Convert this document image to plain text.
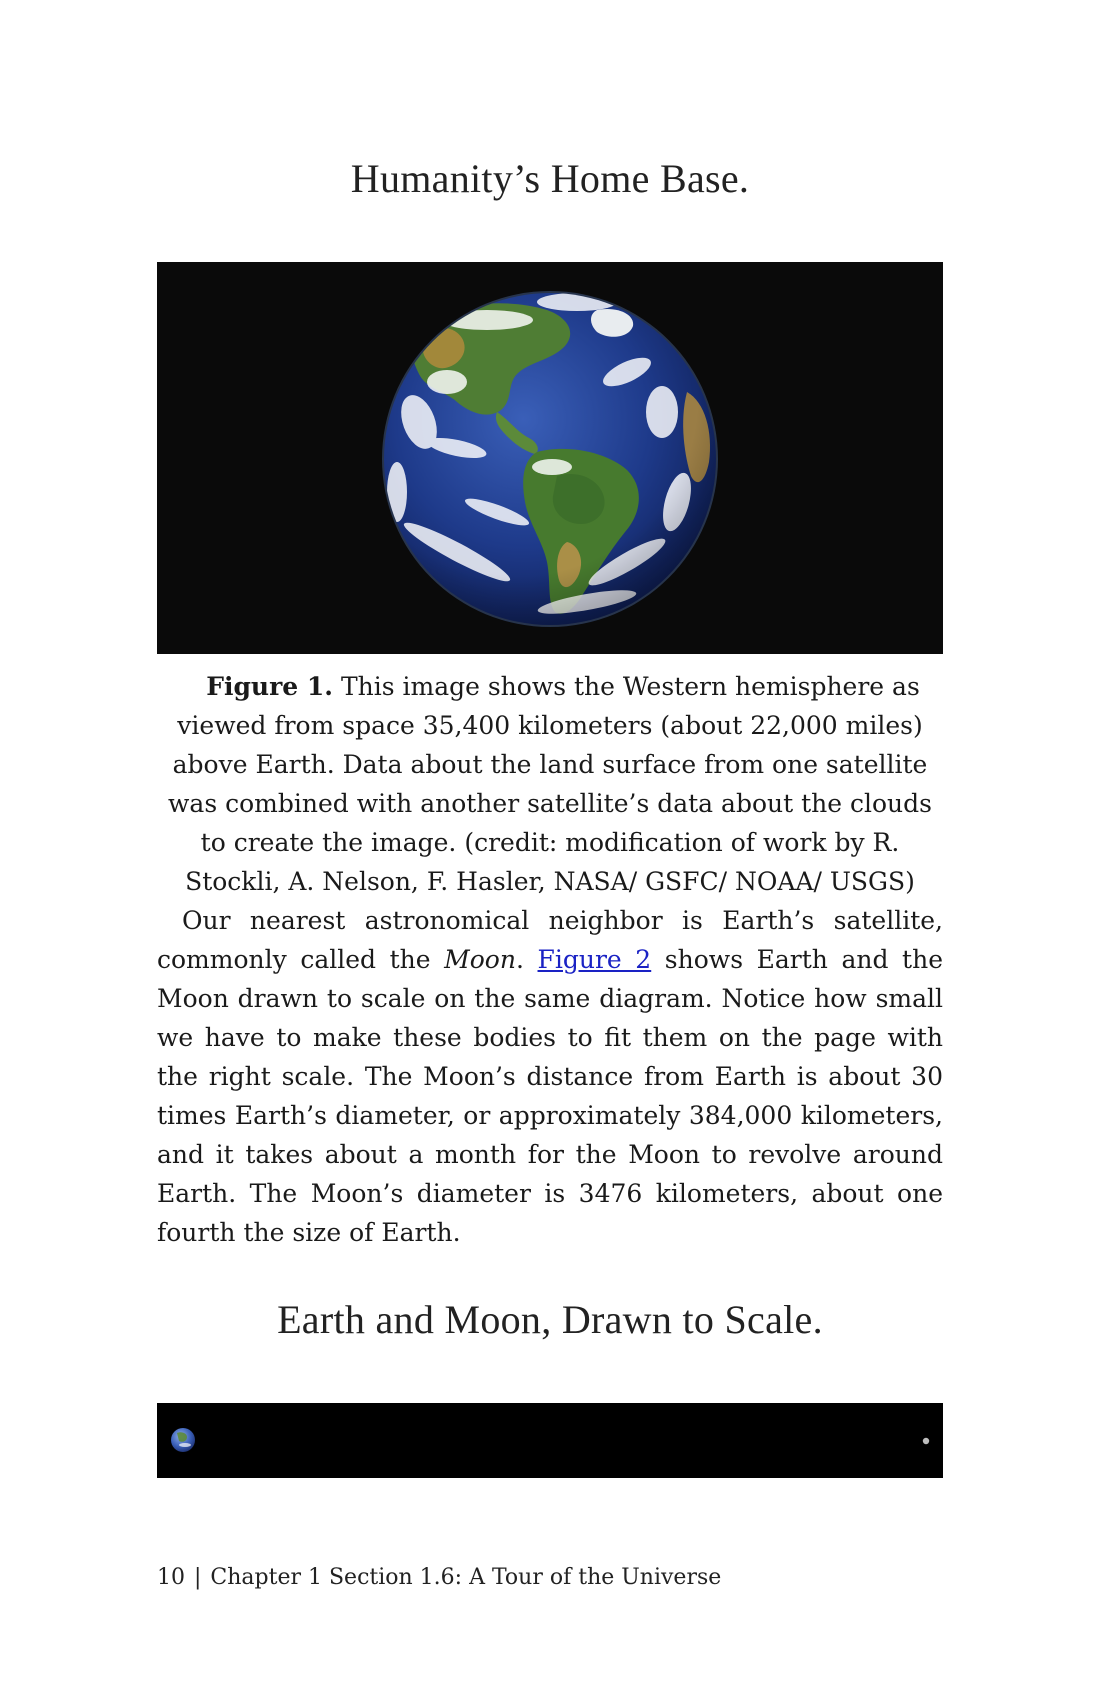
Humanity’s Home Base.

Figure 1. This image shows the Western hemisphere as viewed from space 35,400 kilometers (about 22,000 miles) above Earth. Data about the land surface from one satellite was combined with another satellite’s data about the clouds to create the image. (credit: modification of work by R. Stockli, A. Nelson, F. Hasler, NASA/ GSFC/ NOAA/ USGS)

Our nearest astronomical neighbor is Earth’s satellite, commonly called the Moon. Figure 2 shows Earth and the Moon drawn to scale on the same diagram. Notice how small we have to make these bodies to fit them on the page with the right scale. The Moon’s distance from Earth is about 30 times Earth’s diameter, or approximately 384,000 kilometers, and it takes about a month for the Moon to revolve around Earth. The Moon’s diameter is 3476 kilometers, about one fourth the size of Earth.

Earth and Moon, Drawn to Scale.
10 | Chapter 1 Section 1.6: A Tour of the Universe
